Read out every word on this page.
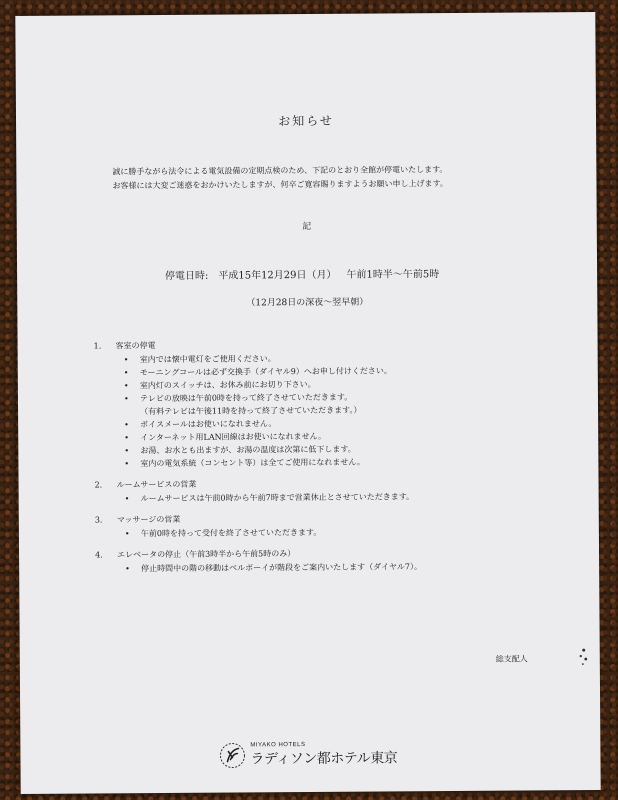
お知らせ
誠に勝手ながら法令による電気設備の定期点検のため、下記のとおり全館が停電いたします。
お客様には大変ご迷惑をおかけいたしますが、何卒ご寛容賜りますようお願い申し上げます。
記
停電日時: 平成15年12月29日（月） 午前1時半〜午前5時
（12月28日の深夜〜翌早朝）
1. 客室の停電
• 室内では懐中電灯をご使用ください。
• モーニングコールは必ず交換手（ダイヤル9）へお申し付けください。
• 室内灯のスイッチは、お休み前にお切り下さい。
• テレビの放映は午前0時を持って終了させていただきます。
（有料テレビは午後11時を持って終了させていただきます。）
• ボイスメールはお使いになれません。
• インターネット用LAN回線はお使いになれません。
• お湯、お水とも出ますが、お湯の温度は次第に低下します。
• 室内の電気系統（コンセント等）は全てご使用になれません。
2. ルームサービスの営業
• ルームサービスは午前0時から午前7時まで営業休止とさせていただきます。
3. マッサージの営業
• 午前0時を持って受付を終了させていただきます。
4. エレベータの停止（午前3時半から午前5時のみ）
• 停止時間中の階の移動はベルボーイが階段をご案内いたします（ダイヤル7）。
総支配人
MIYAKO HOTELS
ラディソン都ホテル東京
